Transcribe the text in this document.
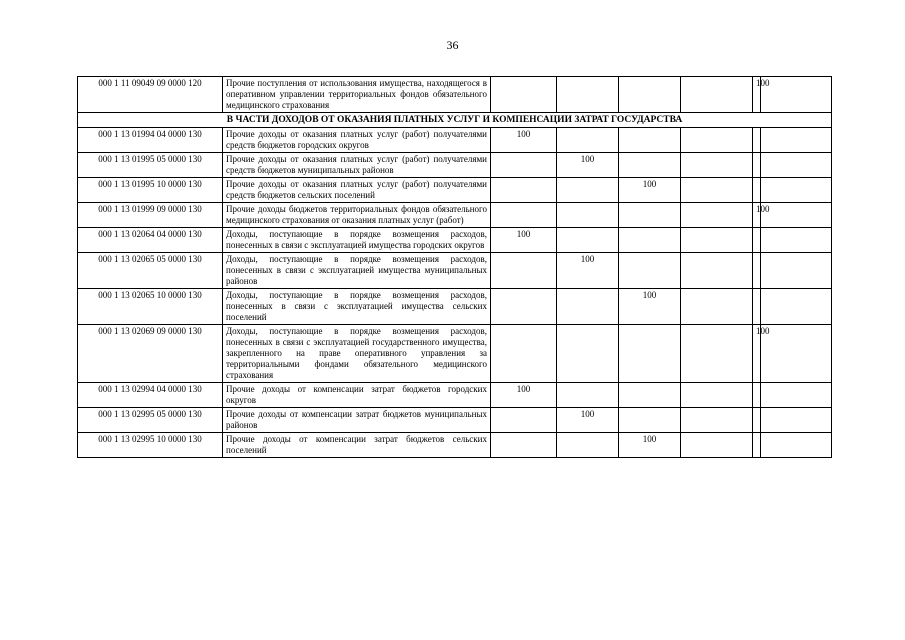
36
000 1 11 09049 09 0000 120	Прочие поступления от использования имущества, находящегося в оперативном управлении территориальных фондов обязательного медицинского страхования					100	
В ЧАСТИ ДОХОДОВ ОТ ОКАЗАНИЯ ПЛАТНЫХ УСЛУГ И КОМПЕНСАЦИИ ЗАТРАТ ГОСУДАРСТВА							
000 1 13 01994 04 0000 130	Прочие доходы от оказания платных услуг (работ) получателями средств бюджетов городских округов	100					
000 1 13 01995 05 0000 130	Прочие доходы от оказания платных услуг (работ) получателями средств бюджетов муниципальных районов		100				
000 1 13 01995 10 0000 130	Прочие доходы от оказания платных услуг (работ) получателями средств бюджетов сельских поселений			100			
000 1 13 01999 09 0000 130	Прочие доходы бюджетов территориальных фондов обязательного медицинского страхования от оказания платных услуг (работ)					100	
000 1 13 02064 04 0000 130	Доходы, поступающие в порядке возмещения расходов, понесенных в связи с эксплуатацией имущества городских округов	100					
000 1 13 02065 05 0000 130	Доходы, поступающие в порядке возмещения расходов, понесенных в связи с эксплуатацией имущества муниципальных районов		100				
000 1 13 02065 10 0000 130	Доходы, поступающие в порядке возмещения расходов, понесенных в связи с эксплуатацией имущества сельских поселений			100			
000 1 13 02069 09 0000 130	Доходы, поступающие в порядке возмещения расходов, понесенных в связи с эксплуатацией государственного имущества, закрепленного на праве оперативного управления за территориальными фондами обязательного медицинского страхования					100	
000 1 13 02994 04 0000 130	Прочие доходы от компенсации затрат бюджетов городских округов	100					
000 1 13 02995 05 0000 130	Прочие доходы от компенсации затрат бюджетов муниципальных районов		100				
000 1 13 02995 10 0000 130	Прочие доходы от компенсации затрат бюджетов сельских поселений			100			
